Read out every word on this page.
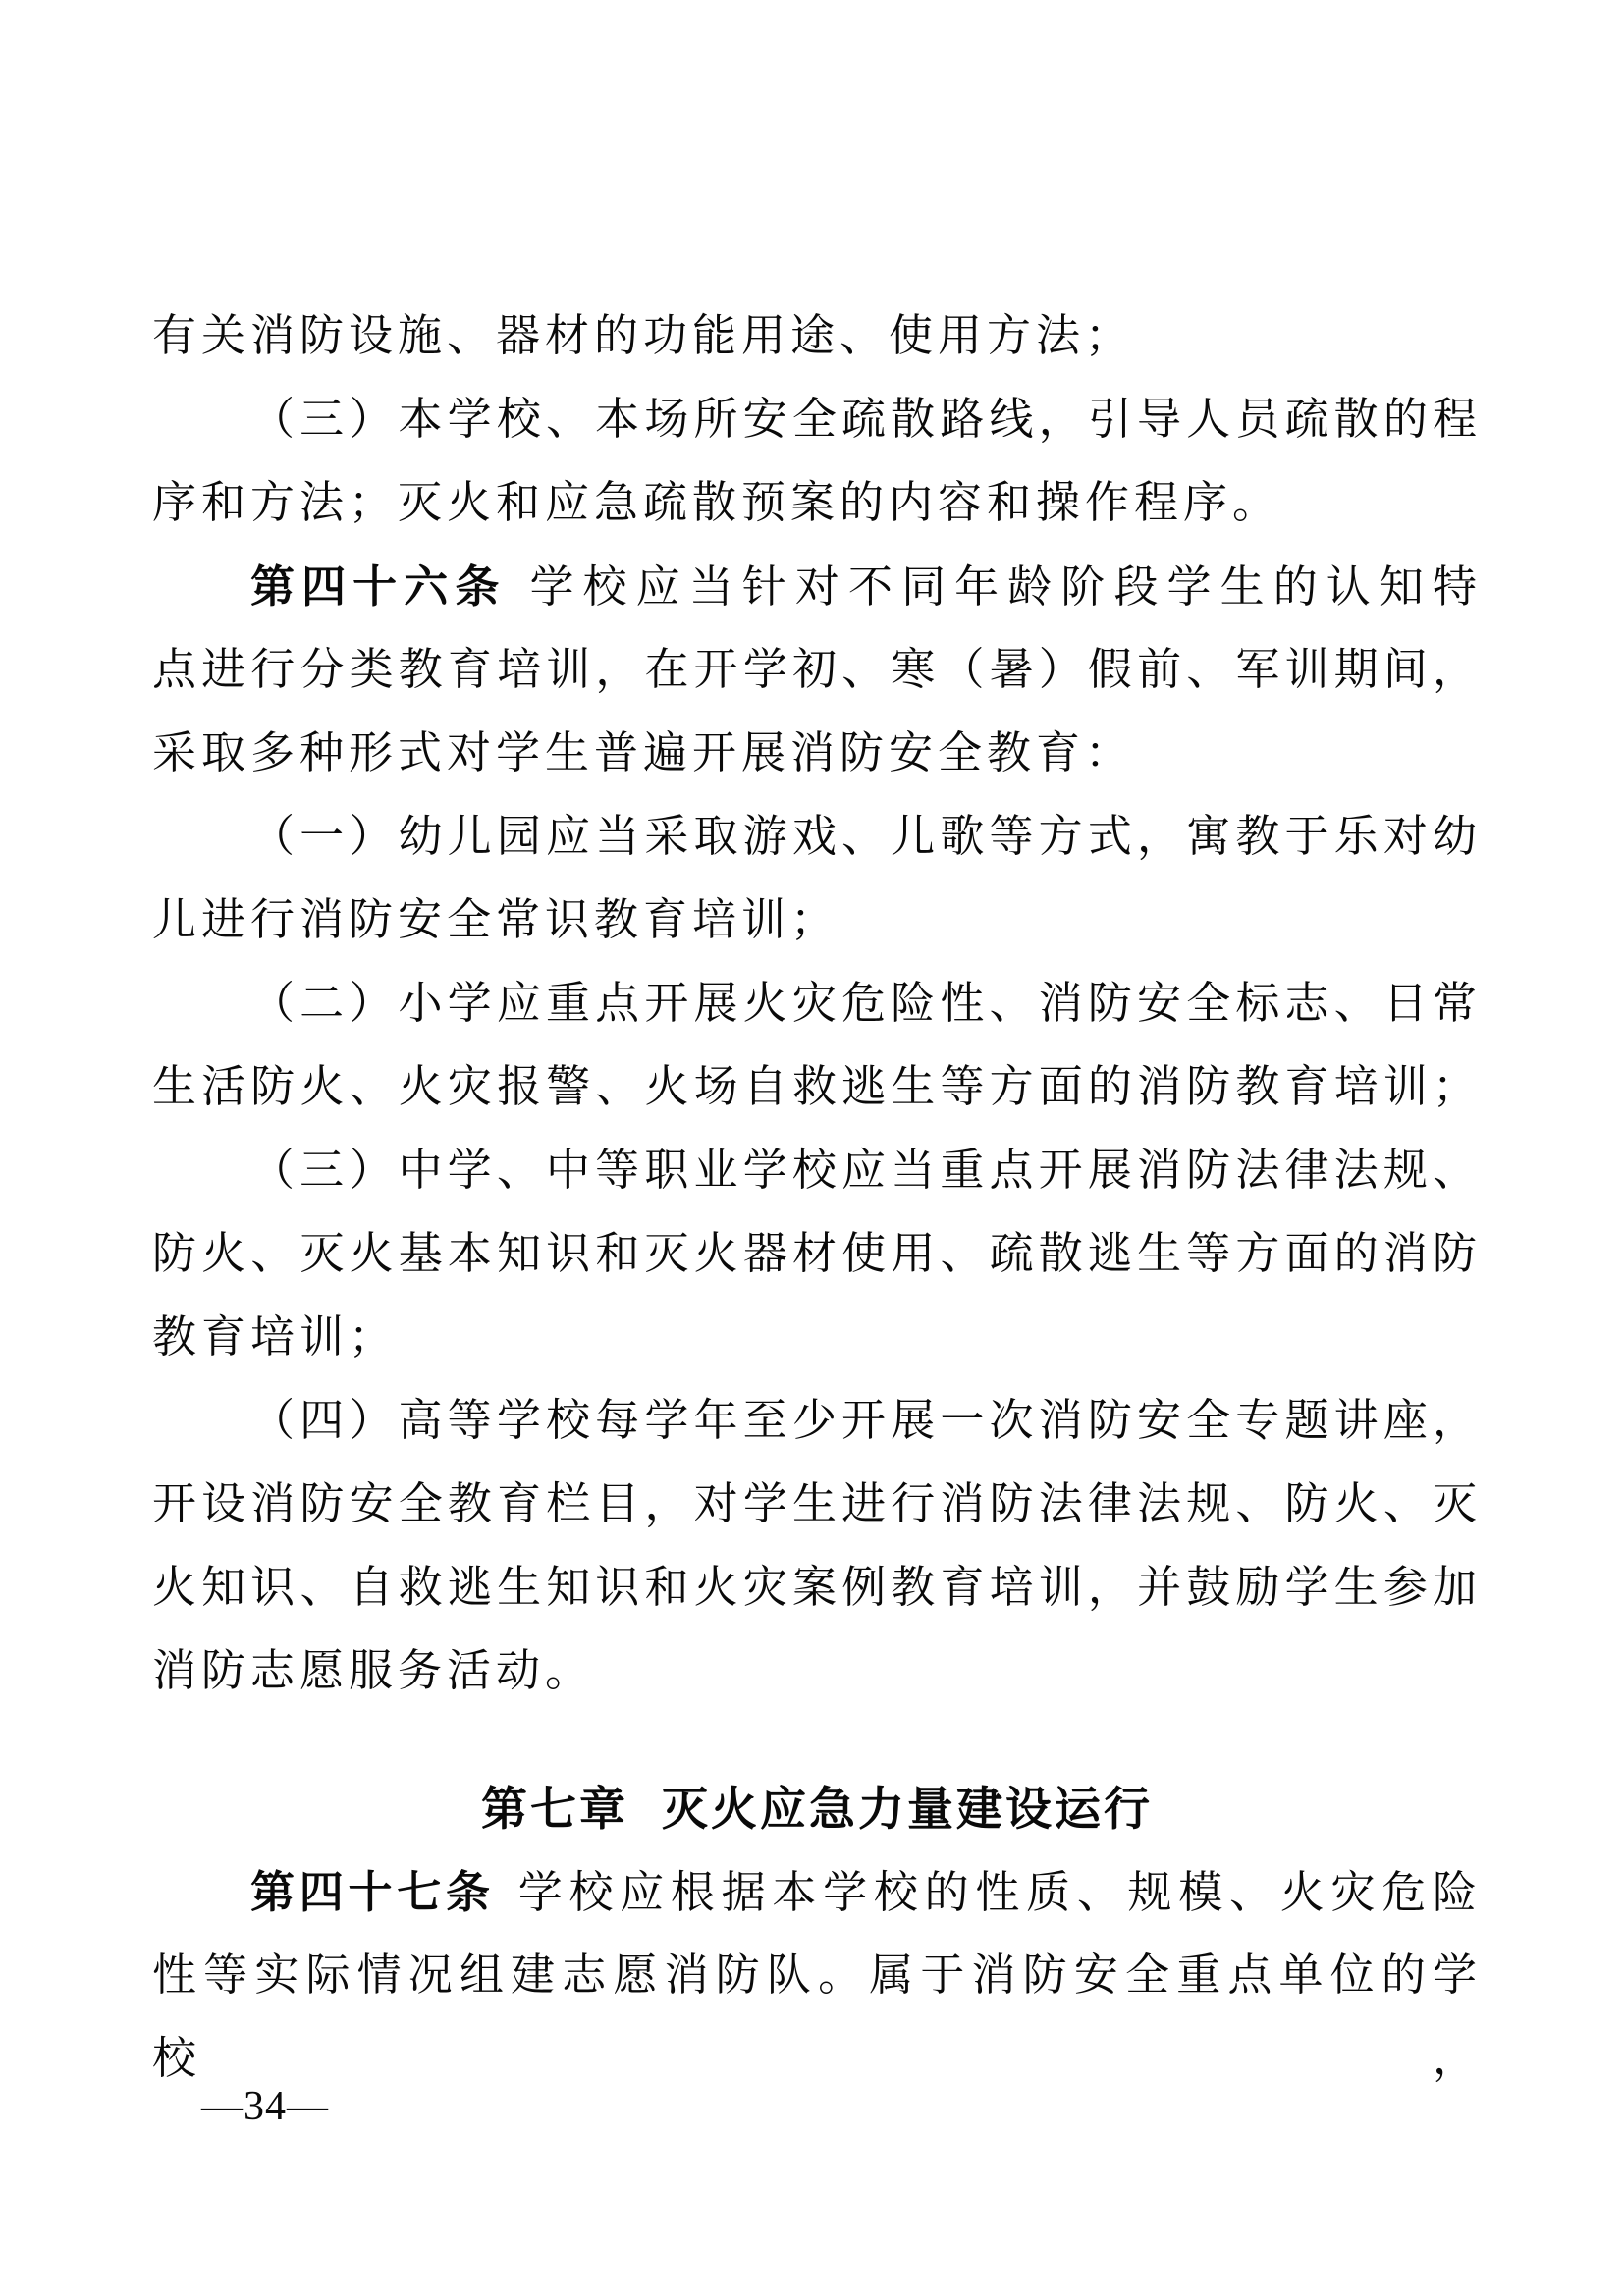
有关消防设施、器材的功能用途、使用方法；
（三）本学校、本场所安全疏散路线，引导人员疏散的程
序和方法；灭火和应急疏散预案的内容和操作程序。
第四十六条 学校应当针对不同年龄阶段学生的认知特
点进行分类教育培训，在开学初、寒（暑）假前、军训期间，
采取多种形式对学生普遍开展消防安全教育：
（一）幼儿园应当采取游戏、儿歌等方式，寓教于乐对幼
儿进行消防安全常识教育培训；
（二）小学应重点开展火灾危险性、消防安全标志、日常
生活防火、火灾报警、火场自救逃生等方面的消防教育培训；
（三）中学、中等职业学校应当重点开展消防法律法规、
防火、灭火基本知识和灭火器材使用、疏散逃生等方面的消防
教育培训；
（四）高等学校每学年至少开展一次消防安全专题讲座，
开设消防安全教育栏目，对学生进行消防法律法规、防火、灭
火知识、自救逃生知识和火灾案例教育培训，并鼓励学生参加
消防志愿服务活动。
第七章 灭火应急力量建设运行
第四十七条 学校应根据本学校的性质、规模、火灾危险
性等实际情况组建志愿消防队。属于消防安全重点单位的学校，
—34—
